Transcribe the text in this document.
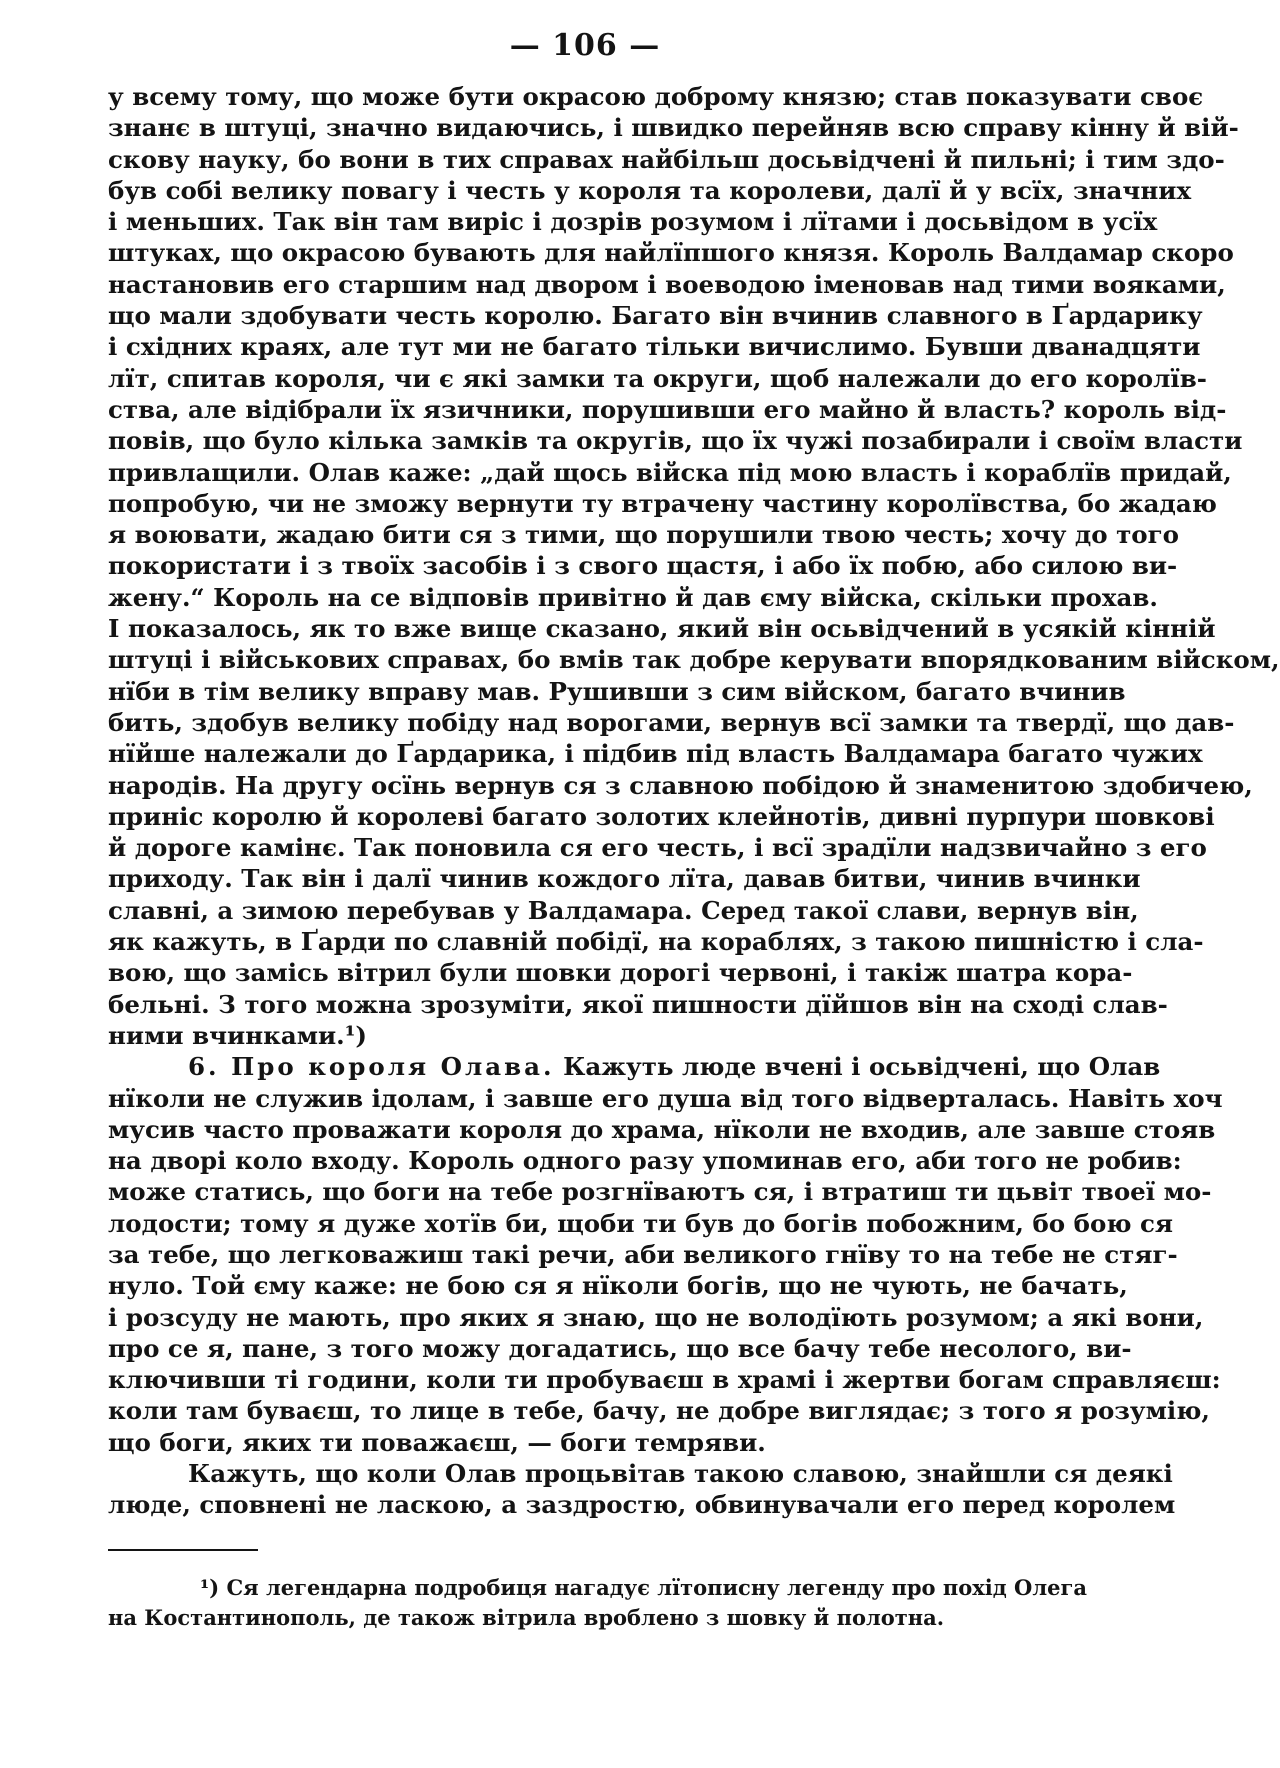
— 106 —
у всему тому, що може бути окрасою доброму князю; став показувати своє
знанє в штуці, значно видаючись, і швидко перейняв всю справу кінну й вій-
скову науку, бо вони в тих справах найбільш досьвідчені й пильні; і тим здо-
був собі велику повагу і честь у короля та королеви, далї й у всїх, значних
і меньших. Так він там виріс і дозрів розумом і лїтами і досьвідом в усїх
штуках, що окрасою бувають для найлїпшого князя. Король Валдамар скоро
настановив его старшим над двором і воеводою іменовав над тими вояками,
що мали здобувати честь королю. Багато він вчинив славного в Ґардарику
і східних краях, але тут ми не багато тільки вичислимо. Бувши дванадцяти
лїт, спитав короля, чи є які замки та округи, щоб належали до его королїв-
ства, але відібрали їх язичники, порушивши его майно й власть? король від-
повів, що було кілька замків та округів, що їх чужі позабирали і своїм власти
привлащили. Олав каже: „дай щось війска під мою власть і кораблїв придай,
попробую, чи не зможу вернути ту втрачену частину королївства, бо жадаю
я воювати, жадаю бити ся з тими, що порушили твою честь; хочу до того
покористати і з твоїх засобів і з свого щастя, і або їх побю, або силою ви-
жену.“ Король на се відповів привітно й дав єму війска, скільки прохав.
І показалось, як то вже вище сказано, який він осьвідчений в усякій кінній
штуці і військових справах, бо вмів так добре керувати впорядкованим війском,
нїби в тім велику вправу мав. Рушивши з сим війском, багато вчинив
бить, здобув велику побіду над ворогами, вернув всї замки та твердї, що дав-
нїйше належали до Ґардарика, і підбив під власть Валдамара багато чужих
народів. На другу осїнь вернув ся з славною побідою й знаменитою здобичею,
приніс королю й королеві багато золотих клейнотів, дивні пурпури шовкові
й дороге камінє. Так поновила ся его честь, і всї зрадїли надзвичайно з его
приходу. Так він і далї чинив кождого лїта, давав битви, чинив вчинки
славні, а зимою перебував у Валдамара. Серед такої слави, вернув він,
як кажуть, в Ґарди по славній побідї, на кораблях, з такою пишністю і сла-
вою, що замісь вітрил були шовки дорогі червоні, і такіж шатра кора-
бельні. З того можна зрозуміти, якої пишности дїйшов він на сході слав-
ними вчинками.¹)
6. Про короля Олава. Кажуть люде вчені і осьвідчені, що Олав
нїколи не служив ідолам, і завше его душа від того відверталась. Навіть хоч
мусив часто проважати короля до храма, нїколи не входив, але завше стояв
на дворі коло входу. Король одного разу упоминав его, аби того не робив:
може статись, що боги на тебе розгнїваютъ ся, і втратиш ти цьвіт твоеї мо-
лодости; тому я дуже хотїв би, щоби ти був до богів побожним, бо бою ся
за тебе, що легковажиш такі речи, аби великого гнїву то на тебе не стяг-
нуло. Той єму каже: не бою ся я нїколи богів, що не чують, не бачать,
і розсуду не мають, про яких я знаю, що не володїють розумом; а які вони,
про се я, пане, з того можу догадатись, що все бачу тебе несолого, ви-
ключивши ті години, коли ти пробуваєш в храмі і жертви богам справляєш:
коли там буваєш, то лице в тебе, бачу, не добре виглядає; з того я розумію,
що боги, яких ти поважаєш, — боги темряви.
Кажуть, що коли Олав процьвітав такою славою, знайшли ся деякі
люде, сповнені не ласкою, а заздростю, обвинувачали его перед королем
¹) Ся легендарна подробиця нагадує лїтописну легенду про похід Олега
на Костантинополь, де також вітрила вроблено з шовку й полотна.
